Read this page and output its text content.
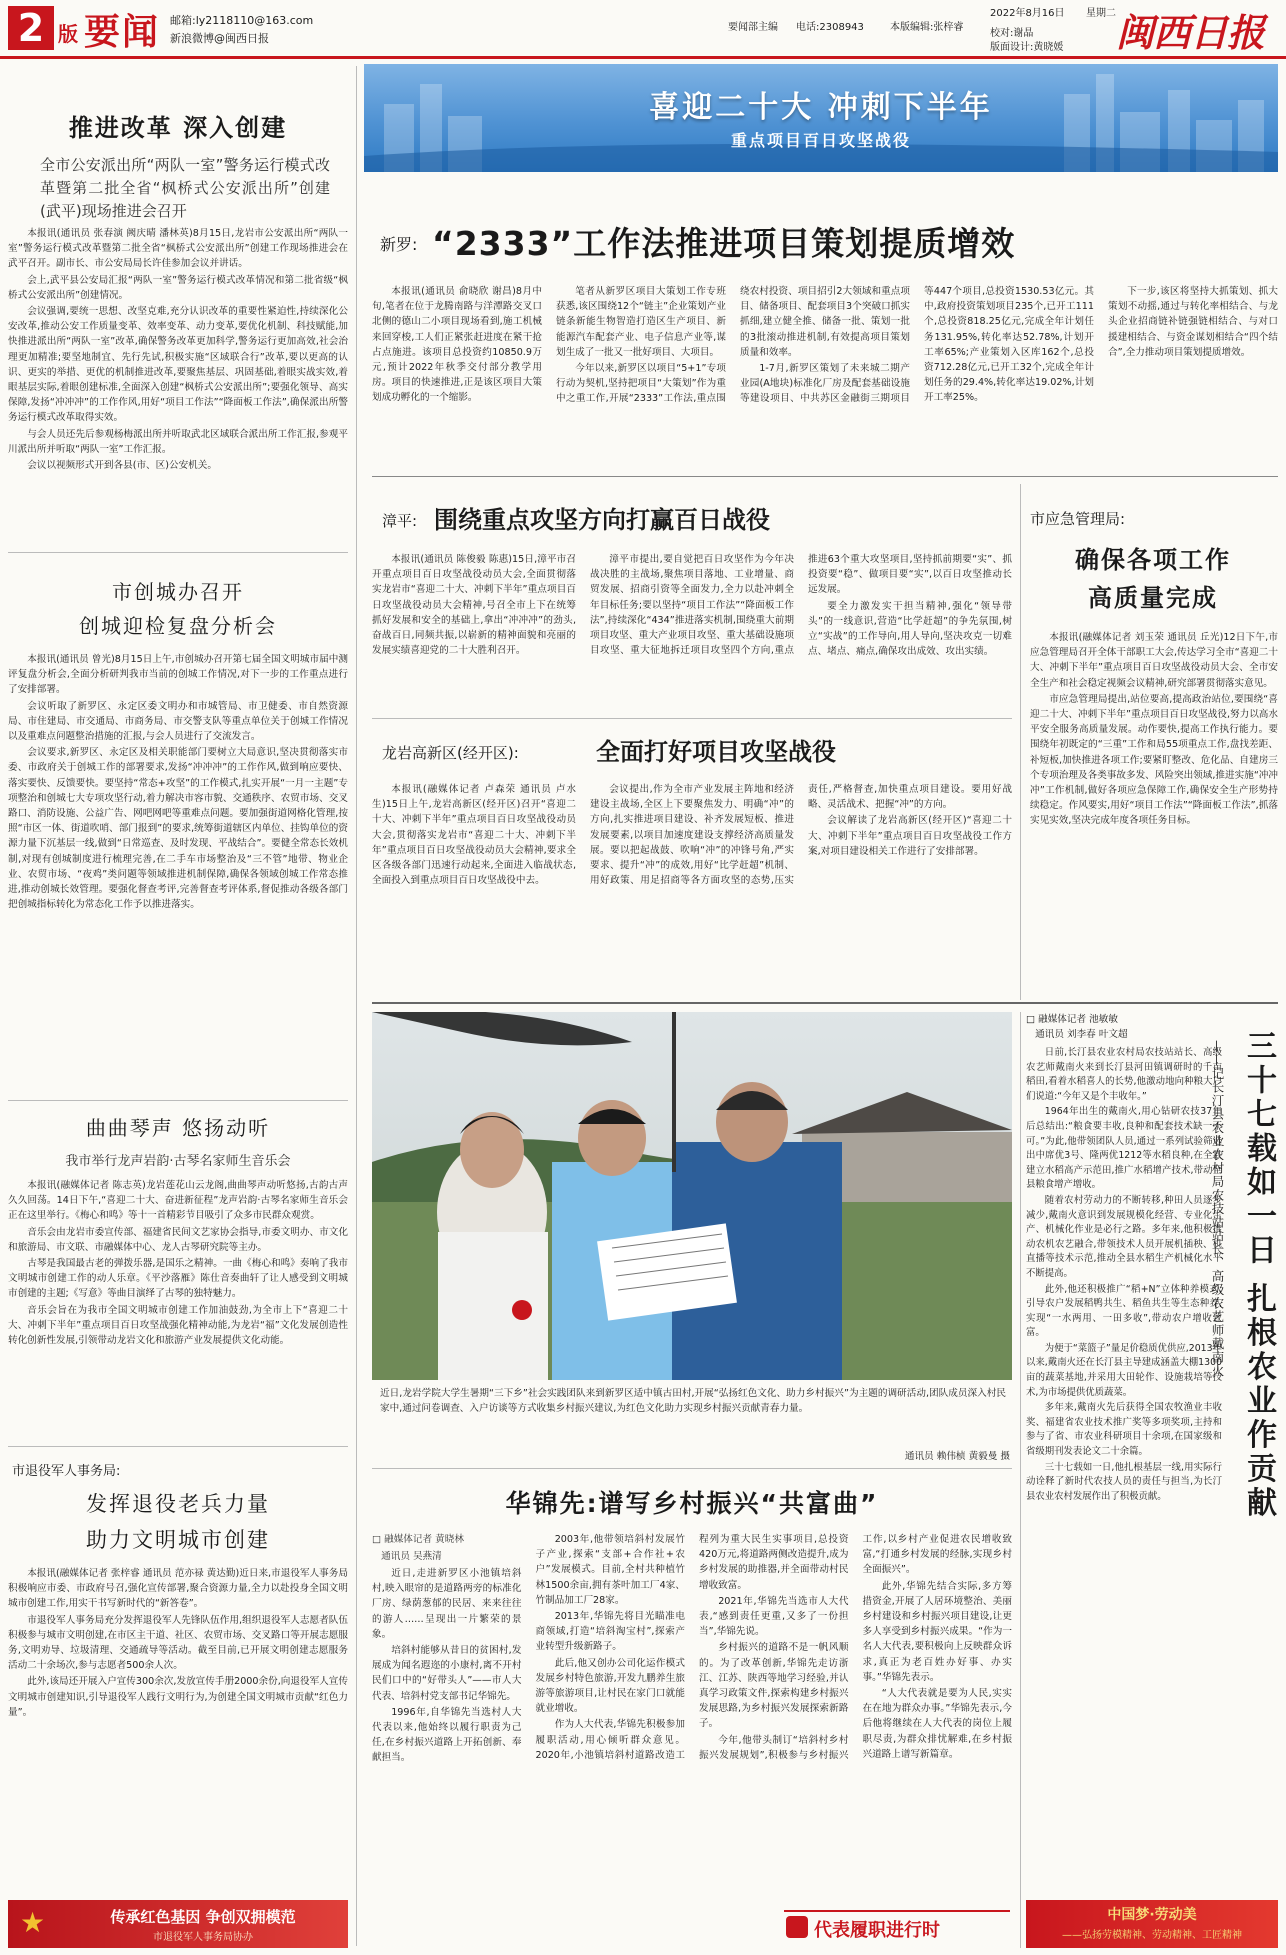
2 版 要闻 邮箱:ly2118110@163.com
新浪微博@闽西日报
要闻部主编 电话:2308943	本版编辑:张梓睿
2022年8月16日 星期二
校对:谢晶
版面设计:黄晓媛 闽西日报
推进改革 深入创建
全市公安派出所“两队一室”警务运行模式改革暨第二批全省“枫桥式公安派出所”创建(武平)现场推进会召开

本报讯(通讯员 张春演 阙庆晴 潘林英)8月15日,龙岩市公安派出所“两队一室”警务运行模式改革暨第二批全省“枫桥式公安派出所”创建工作现场推进会在武平召开。副市长、市公安局局长许佳参加会议并讲话。

会上,武平县公安局汇报“两队一室”警务运行模式改革情况和第二批省级“枫桥式公安派出所”创建情况。

会议强调,要统一思想、改坚克难,充分认识改革的重要性紧迫性,持续深化公安改革,推动公安工作质量变革、效率变革、动力变革,要优化机制、科技赋能,加快推进派出所“两队一室”改革,确保警务改革更加科学,警务运行更加高效,社会治理更加精准;要坚地制宜、先行先试,积极实施“区域联合行”改革,要以更高的认识、更实的举措、更优的机制推进改革,要聚焦基层、巩固基础,着眼实战实效,着眼基层实际,着眼创建标准,全面深入创建“枫桥式公安派出所”;要强化领导、高实保障,发扬“冲冲冲”的工作作风,用好“项目工作法”“降面板工作法”,确保派出所警务运行模式改革取得实效。

与会人员还先后参观杨梅派出所并听取武北区域联合派出所工作汇报,参观平川派出所并听取“两队一室”工作汇报。

会议以视频形式开到各县(市、区)公安机关。

市创城办召开
创城迎检复盘分析会

本报讯(通讯员 曾光)8月15日上午,市创城办召开第七届全国文明城市届中测评复盘分析会,全面分析研判我市当前的创城工作情况,对下一步的工作重点进行了安排部署。

会议听取了新罗区、永定区委文明办和市城管局、市卫健委、市自然资源局、市住建局、市交通局、市商务局、市交警支队等重点单位关于创城工作情况以及重难点问题整治措施的汇报,与会人员进行了交流发言。

会议要求,新罗区、永定区及相关职能部门要树立大局意识,坚决贯彻落实市委、市政府关于创城工作的部署要求,发扬“冲冲冲”的工作作风,做到响应要快、落实要快、反馈要快。要坚持“常态+攻坚”的工作模式,扎实开展“一月一主题”专项整治和创城七大专项攻坚行动,着力解决市容市貌、交通秩序、农贸市场、交叉路口、消防设施、公益广告、网吧网吧等重难点问题。要加强街道网格化管理,按照“市区一体、街道吹哨、部门报到”的要求,统筹街道辖区内单位、挂钩单位的资源力量下沉基层一线,做到“日常巡查、及时发现、平战结合”。要健全常态长效机制,对现有创城制度进行梳理完善,在二手车市场整治及“三不管”地带、物业企业、农贸市场、“夜鸡”类问题等领域推进机制保障,确保各领域创城工作常态推进,推动创城长效管理。要强化督查考评,完善督查考评体系,督促推动各级各部门把创城指标转化为常态化工作予以推进落实。

曲曲琴声 悠扬动听
我市举行龙声岩韵·古琴名家师生音乐会

本报讯(融媒体记者 陈志英)龙岩莲花山云龙阁,曲曲琴声动听悠扬,古韵古声久久回荡。14日下午,“喜迎二十大、奋进新征程”龙声岩韵·古琴名家师生音乐会正在这里举行。《梅心和鸣》等十一首精彩节目吸引了众多市民群众观赏。

音乐会由龙岩市委宣传部、福建省民间文艺家协会指导,市委文明办、市文化和旅游局、市文联、市融媒体中心、龙人古琴研究院等主办。

古琴是我国最古老的弹拨乐器,是国乐之精神。一曲《梅心和鸣》奏响了我市文明城市创建工作的动人乐章。《平沙落雁》陈仕音奏曲轩了让人感受到文明城市创建的主题;《写意》等曲目演绎了古琴的独特魅力。

音乐会旨在为我市全国文明城市创建工作加油鼓劲,为全市上下“喜迎二十大、冲刺下半年”重点项目百日攻坚战强化精神动能,为龙岩“福”文化发展创造性转化创新性发展,引领带动龙岩文化和旅游产业发展提供文化动能。

市退役军人事务局:
发挥退役老兵力量
助力文明城市创建

本报讯(融媒体记者 张梓睿 通讯员 范亦禄 黄达勤)近日来,市退役军人事务局积极响应市委、市政府号召,强化宣传部署,聚合资源力量,全力以赴投身全国文明城市创建工作,用实干书写新时代的“新答卷”。

市退役军人事务局充分发挥退役军人先锋队伍作用,组织退役军人志愿者队伍积极参与城市文明创建,在市区主干道、社区、农贸市场、交叉路口等开展志愿服务,文明劝导、垃圾清理、交通疏导等活动。截至目前,已开展文明创建志愿服务活动二十余场次,参与志愿者500余人次。

此外,该局还开展入户宣传300余次,发放宣传手册2000余份,向退役军人宣传文明城市创建知识,引导退役军人践行文明行为,为创建全国文明城市贡献“红色力量”。

★	传承红色基因 争创双拥模范
市退役军人事务局协办
喜迎二十大 冲刺下半年
重点项目百日攻坚战役
新罗: “2333”工作法推进项目策划提质增效

本报讯(通讯员 俞晓欣 谢昌)8月中旬,笔者在位于龙腾南路与洋潭路交叉口北侧的德山二小项目现场看到,施工机械来回穿梭,工人们正紧张赶进度在紧干抢占点施进。该项目总投资约10850.9万元,预计2022年秋季交付部分教学用房。项目的快速推进,正是该区项目大策划成功孵化的一个缩影。

笔者从新罗区项目大策划工作专班获悉,该区围绕12个“链主”企业策划产业链条新能生物智造打造区生产项目、新能源汽车配套产业、电子信息产业等,谋划生成了一批又一批好项目、大项目。

今年以来,新罗区以项目“5+1”专项行动为契机,坚持把项目“大策划”作为重中之重工作,开展“2333”工作法,重点围绕农村投资、项目招引2大领域和重点项目、储备项目、配套项目3个突破口抓实抓细,建立健全推、储备一批、策划一批的3批滚动推进机制,有效提高项目策划质量和效率。

1-7月,新罗区策划了未来城二期产业园(A地块)标准化厂房及配套基础设施等建设项目、中共苏区金融街三期项目等447个项目,总投资1530.53亿元。其中,政府投资策划项目235个,已开工111个,总投资818.25亿元,完成全年计划任务131.95%,转化率达52.78%,计划开工率65%;产业策划入区库162个,总投资712.28亿元,已开工32个,完成全年计划任务的29.4%,转化率达19.02%,计划开工率25%。

下一步,该区将坚持大抓策划、抓大策划不动摇,通过与转化率相结合、与龙头企业招商链补链强链相结合、与对口援建相结合、与资金谋划相结合“四个结合”,全力推动项目策划提质增效。

漳平: 围绕重点攻坚方向打赢百日战役

本报讯(通讯员 陈俊毅 陈惠)15日,漳平市召开重点项目百日攻坚战役动员大会,全面贯彻落实龙岩市“喜迎二十大、冲刺下半年”重点项目百日攻坚战役动员大会精神,号召全市上下在统筹抓好发展和安全的基础上,拿出“冲冲冲”的劲头,奋战百日,同频共振,以崭新的精神面貌和亮丽的发展实绩喜迎党的二十大胜利召开。

漳平市提出,要自觉把百日攻坚作为今年决战决胜的主战场,聚焦项目落地、工业增量、商贸发展、招商引资等全面发力,全力以赴冲刺全年目标任务;要以坚持“项目工作法”“降面板工作法”,持续深化“434”推进落实机制,围绕重大前期项目攻坚、重大产业项目攻坚、重大基础设施项目攻坚、重大征地拆迁项目攻坚四个方向,重点推进63个重大攻坚项目,坚持抓前期要“实”、抓投资要“稳”、做项目要“实”,以百日攻坚推动长远发展。

要全力激发实干担当精神,强化“领导带头”的一线意识,营造“比学赶超”的争先氛围,树立“实战”的工作导向,用人导向,坚决攻克一切难点、堵点、痛点,确保攻出成效、攻出实绩。

龙岩高新区(经开区):	全面打好项目攻坚战役

本报讯(融媒体记者 卢森荣 通讯员 卢水生)15日上午,龙岩高新区(经开区)召开“喜迎二十大、冲刺下半年”重点项目百日攻坚战役动员大会,贯彻落实龙岩市“喜迎二十大、冲刺下半年”重点项目百日攻坚战役动员大会精神,要求全区各级各部门迅速行动起来,全面进入临战状态,全面投入到重点项目百日攻坚战役中去。

会议提出,作为全市产业发展主阵地和经济建设主战场,全区上下要聚焦发力、明确“冲”的方向,扎实推进项目建设、补齐发展短板、推进发展要素,以项目加速度建设支撑经济高质量发展。要以把起战鼓、吹响“冲”的冲锋号角,严实要求、提升“冲”的成效,用好“比学赶超”机制、用好政策、用足招商等各方面攻坚的态势,压实责任,严格督查,加快重点项目建设。要用好战略、灵活战术、把握“冲”的方向。

会议解读了龙岩高新区(经开区)“喜迎二十大、冲刺下半年”重点项目百日攻坚战役工作方案,对项目建设相关工作进行了安排部署。

市应急管理局:
确保各项工作
高质量完成

本报讯(融媒体记者 刘玉荣 通讯员 丘光)12日下午,市应急管理局召开全体干部职工大会,传达学习全市“喜迎二十大、冲刺下半年”重点项目百日攻坚战役动员大会、全市安全生产和社会稳定视频会议精神,研究部署贯彻落实意见。

市应急管理局提出,站位要高,提高政治站位,要围绕“喜迎二十大、冲刺下半年”重点项目百日攻坚战役,努力以高水平安全服务高质量发展。动作要快,提高工作执行能力。要围绕年初既定的“三重”工作和局55项重点工作,盘找差距、补短板,加快推进各项工作;要紧盯整改、危化品、自建房三个专项治理及各类事故多发、风险突出领域,推进实施“冲冲冲”工作机制,做好各项应急保障工作,确保安全生产形势持续稳定。作风要实,用好“项目工作法”“降面板工作法”,抓落实见实效,坚决完成年度各项任务目标。

近日,龙岩学院大学生暑期“三下乡”社会实践团队来到新罗区适中镇古田村,开展“弘扬红色文化、助力乡村振兴”为主题的调研活动,团队成员深入村民家中,通过问卷调查、入户访谈等方式收集乡村振兴建议,为红色文化助力实现乡村振兴贡献青春力量。
通讯员 赖伟桢 黄毅曼 摄
华锦先:谱写乡村振兴“共富曲”
□ 融媒体记者 黄晓林
通讯员 吴燕清

近日,走进新罗区小池镇培斜村,映入眼帘的是道路两旁的标准化厂房、绿荫葱郁的民居、来来往往的游人……呈现出一片繁荣的景象。

培斜村能够从昔日的贫困村,发展成为闻名遐迩的小康村,离不开村民们口中的“好带头人”——市人大代表、培斜村党支部书记华锦先。

1996年,自华锦先当选村人大代表以来,他始终以履行职责为己任,在乡村振兴道路上开拓创新、奉献担当。

2003年,他带领培斜村发展竹子产业,探索“支部+合作社+农户”发展模式。目前,全村共种植竹林1500余亩,拥有茶叶加工厂4家、竹制品加工厂28家。

2013年,华锦先将目光瞄准电商领域,打造“培斜淘宝村”,探索产业转型升级新路子。

此后,他又创办公司化运作模式发展乡村特色旅游,开发九鹏养生旅游等旅游项目,让村民在家门口就能就业增收。

作为人大代表,华锦先积极参加履职活动,用心倾听群众意见。2020年,小池镇培斜村道路改造工程列为重大民生实事项目,总投资420万元,将道路两侧改造提升,成为乡村发展的助推器,并全面带动村民增收致富。

2021年,华锦先当选市人大代表,“感到责任更重,又多了一份担当”,华锦先说。

乡村振兴的道路不是一帆风顺的。为了改革创新,华锦先走访浙江、江苏、陕西等地学习经验,并认真学习政策文件,探索构建乡村振兴发展思路,为乡村振兴发展探索新路子。

今年,他带头制订“培斜村乡村振兴发展规划”,积极参与乡村振兴工作,以乡村产业促进农民增收致富,“打通乡村发展的经脉,实现乡村全面振兴”。

此外,华锦先结合实际,多方筹措资金,开展了人居环境整治、美丽乡村建设和乡村振兴项目建设,让更多人享受到乡村振兴成果。“作为一名人大代表,要积极向上反映群众诉求,真正为老百姓办好事、办实事。”华锦先表示。

“人大代表就是要为人民,实实在在地为群众办事。”华锦先表示,今后他将继续在人大代表的岗位上履职尽责,为群众排忧解难,在乡村振兴道路上谱写新篇章。

代表履职进行时
□ 融媒体记者 池敏敏
通讯员 刘李春 叶文超

日前,长汀县农业农村局农技站站长、高级农艺师戴南火来到长汀县河田镇调研时的千亩稻田,看着水稻喜人的长势,他激动地向种粮大户们说道:“今年又是个丰收年。”

1964年出生的戴南火,用心钻研农技37年后总结出:“粮食要丰收,良种和配套技术缺一不可。”为此,他带领团队人员,通过一系列试验筛选出中席优3号、隆两优1212等水稻良种,在全县建立水稻高产示范田,推广水稻增产技术,带动全县粮食增产增收。

随着农村劳动力的不断转移,种田人员逐步减少,戴南火意识到发展规模化经营、专业化生产、机械化作业是必行之路。多年来,他积极推动农机农艺融合,带领技术人员开展机插秧、机直播等技术示范,推动全县水稻生产机械化水平不断提高。

此外,他还积极推广“稻+N”立体种养模式,引导农户发展稻鸭共生、稻鱼共生等生态种养,实现“一水两用、一田多收”,带动农户增收致富。

为便于“菜篮子”量足价稳质优供应,2013年以来,戴南火还在长汀县主导建成涵盖大棚1300亩的蔬菜基地,并采用大田轮作、设施栽培等技术,为市场提供优质蔬菜。

多年来,戴南火先后获得全国农牧渔业丰收奖、福建省农业技术推广奖等多项奖项,主持和参与了省、市农业科研项目十余项,在国家级和省级期刊发表论文二十余篇。

三十七载如一日,他扎根基层一线,用实际行动诠释了新时代农技人员的责任与担当,为长汀县农业农村发展作出了积极贡献。	三十七载如一日 扎根农业作贡献
中国梦·劳动美
——弘扬劳模精神、劳动精神、工匠精神
——记长汀县农业农村局农技站站长、高级农艺师戴南火
